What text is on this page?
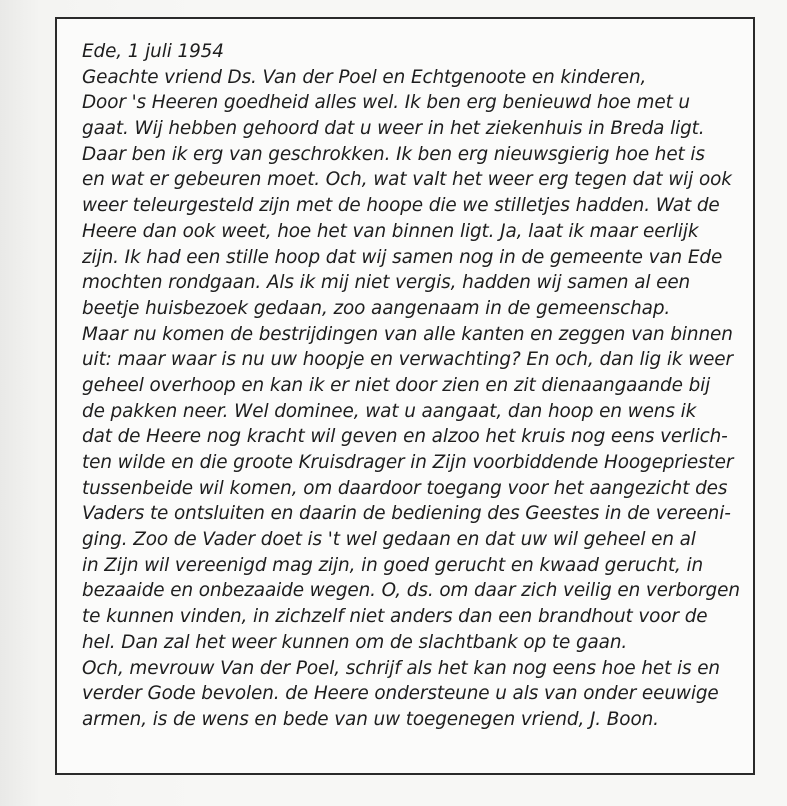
Ede, 1 juli 1954
Geachte vriend Ds. Van der Poel en Echtgenoote en kinderen,
Door 's Heeren goedheid alles wel. Ik ben erg benieuwd hoe met u
gaat. Wij hebben gehoord dat u weer in het ziekenhuis in Breda ligt.
Daar ben ik erg van geschrokken. Ik ben erg nieuwsgierig hoe het is
en wat er gebeuren moet. Och, wat valt het weer erg tegen dat wij ook
weer teleurgesteld zijn met de hoope die we stilletjes hadden. Wat de
Heere dan ook weet, hoe het van binnen ligt. Ja, laat ik maar eerlijk
zijn. Ik had een stille hoop dat wij samen nog in de gemeente van Ede
mochten rondgaan. Als ik mij niet vergis, hadden wij samen al een
beetje huisbezoek gedaan, zoo aangenaam in de gemeenschap.
Maar nu komen de bestrijdingen van alle kanten en zeggen van binnen
uit: maar waar is nu uw hoopje en verwachting? En och, dan lig ik weer
geheel overhoop en kan ik er niet door zien en zit dienaangaande bij
de pakken neer. Wel dominee, wat u aangaat, dan hoop en wens ik
dat de Heere nog kracht wil geven en alzoo het kruis nog eens verlich-
ten wilde en die groote Kruisdrager in Zijn voorbiddende Hoogepriester
tussenbeide wil komen, om daardoor toegang voor het aangezicht des
Vaders te ontsluiten en daarin de bediening des Geestes in de vereeni-
ging. Zoo de Vader doet is 't wel gedaan en dat uw wil geheel en al
in Zijn wil vereenigd mag zijn, in goed gerucht en kwaad gerucht, in
bezaaide en onbezaaide wegen. O, ds. om daar zich veilig en verborgen
te kunnen vinden, in zichzelf niet anders dan een brandhout voor de
hel. Dan zal het weer kunnen om de slachtbank op te gaan.
Och, mevrouw Van der Poel, schrijf als het kan nog eens hoe het is en
verder Gode bevolen. de Heere ondersteune u als van onder eeuwige
armen, is de wens en bede van uw toegenegen vriend, J. Boon.
